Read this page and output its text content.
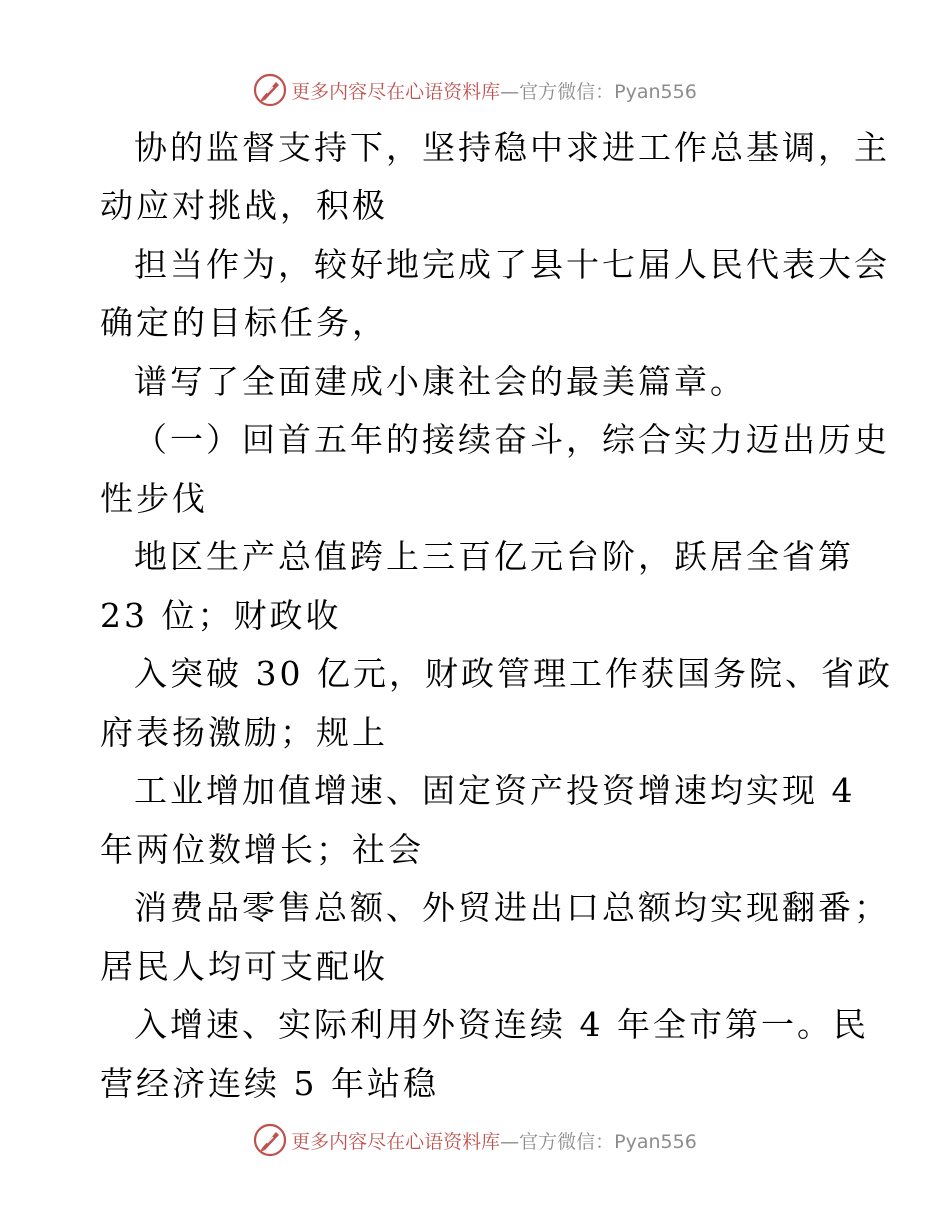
更多内容尽在心语资料库—官方微信：Pyan556
协的监督支持下，坚持稳中求进工作总基调，主
动应对挑战，积极
担当作为，较好地完成了县十七届人民代表大会
确定的目标任务，
谱写了全面建成小康社会的最美篇章。
（一）回首五年的接续奋斗，综合实力迈出历史
性步伐
地区生产总值跨上三百亿元台阶，跃居全省第
23 位；财政收
入突破 30 亿元，财政管理工作获国务院、省政
府表扬激励；规上
工业增加值增速、固定资产投资增速均实现 4
年两位数增长；社会
消费品零售总额、外贸进出口总额均实现翻番；
居民人均可支配收
入增速、实际利用外资连续 4 年全市第一。民
营经济连续 5 年站稳
更多内容尽在心语资料库—官方微信：Pyan556
